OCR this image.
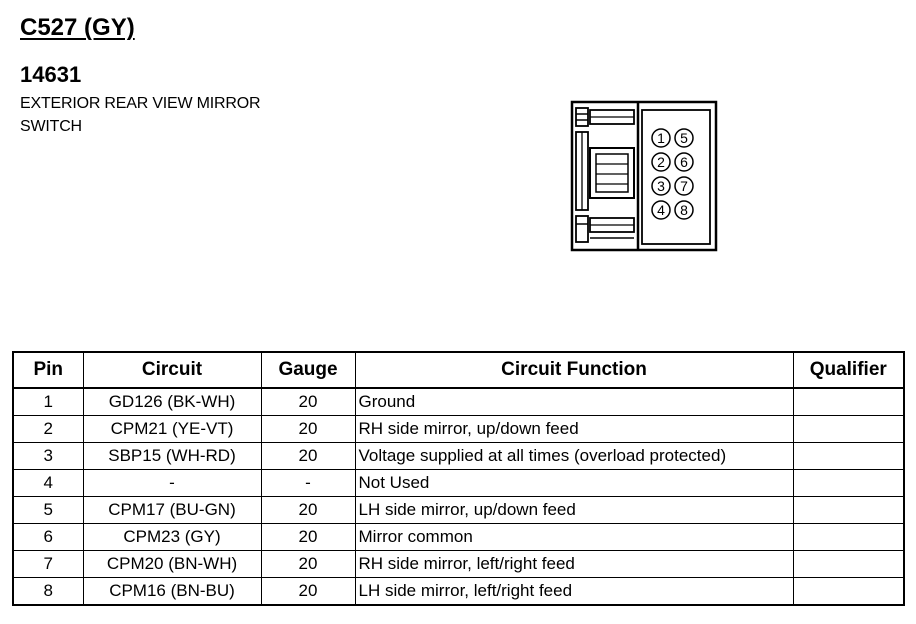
C527 (GY)
14631

EXTERIOR REAR VIEW MIRROR

SWITCH

1
2
3
4
5
6
7
8
Pin	Circuit	Gauge	Circuit Function	Qualifier
1	GD126 (BK-WH)	20	Ground	
2	CPM21 (YE-VT)	20	RH side mirror, up/down feed	
3	SBP15 (WH-RD)	20	Voltage supplied at all times (overload protected)	
4	-	-	Not Used	
5	CPM17 (BU-GN)	20	LH side mirror, up/down feed	
6	CPM23 (GY)	20	Mirror common	
7	CPM20 (BN-WH)	20	RH side mirror, left/right feed	
8	CPM16 (BN-BU)	20	LH side mirror, left/right feed	
